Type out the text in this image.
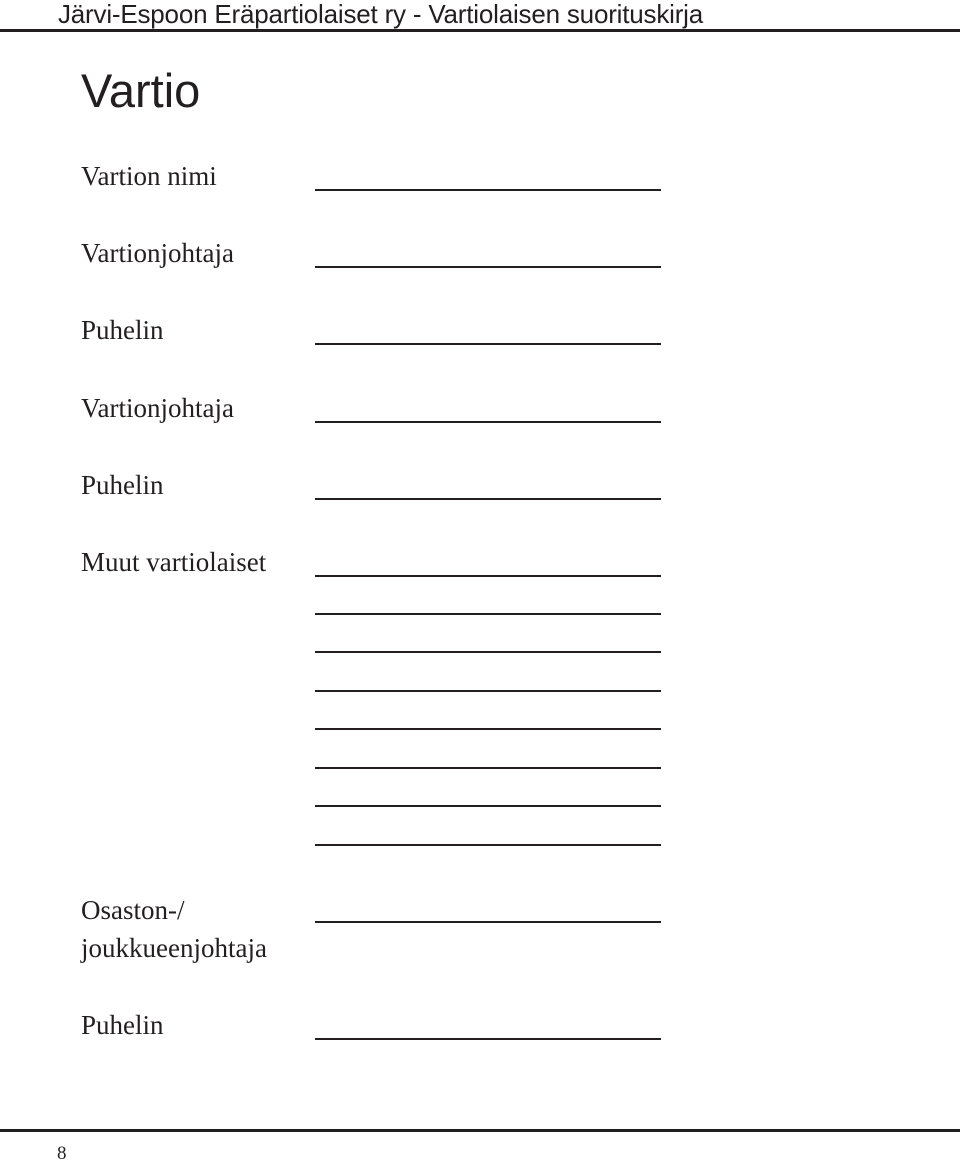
Järvi-Espoon Eräpartiolaiset ry - Vartiolaisen suorituskirja
Vartio
Vartion nimi
Vartionjohtaja
Puhelin
Vartionjohtaja
Puhelin
Muut vartiolaiset
Osaston-/
joukkueenjohtaja
Puhelin
8
